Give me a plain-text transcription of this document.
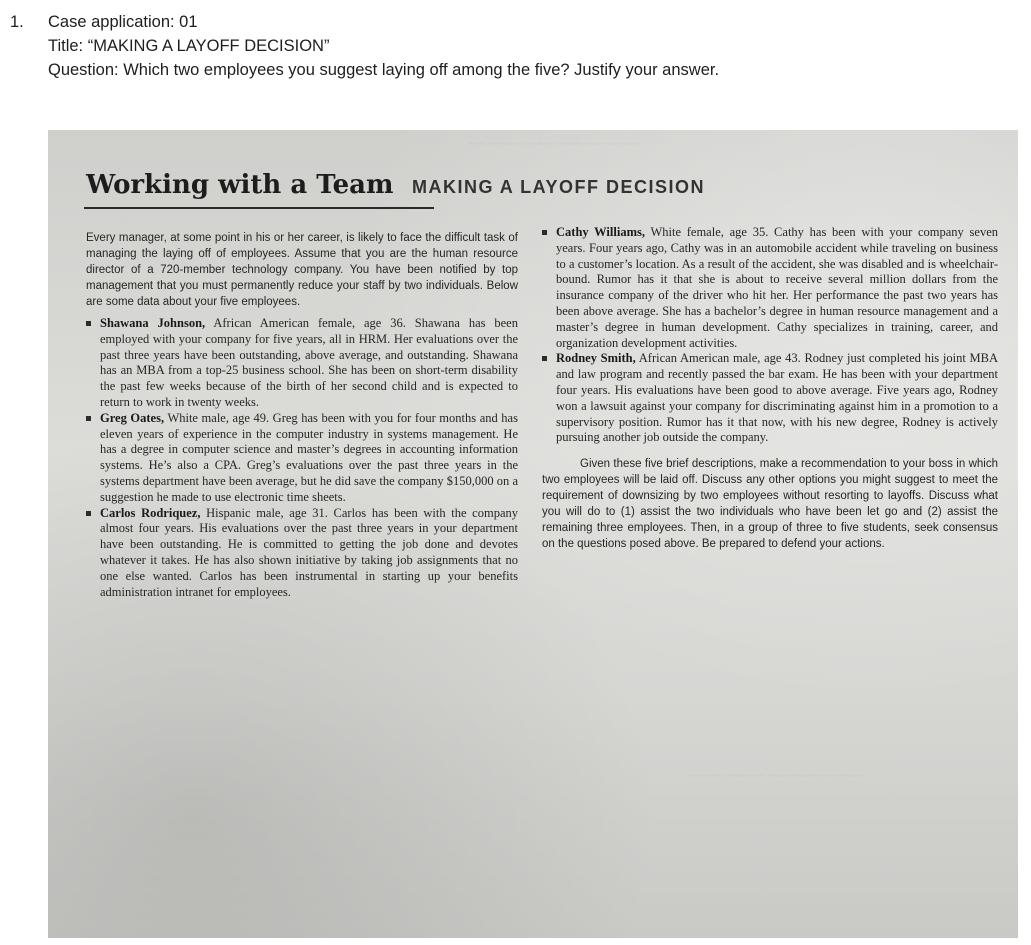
1. Case application: 01
Title: “MAKING A LAYOFF DECISION”
Question: Which two employees you suggest laying off among the five? Justify your answer.
~~~ ~~~~~~ ~~~~ ~~~~~~~~ ~~~~~~
~~~~~~ ~~~~ ~~ ~~~~~~~~ ~~~ ~~~~
Working with a Team MAKING A LAYOFF DECISION

Every manager, at some point in his or her career, is likely to face the difficult task of managing the laying off of employees. Assume that you are the human resource director of a 720-member technology company. You have been notified by top management that you must permanently reduce your staff by two individuals. Below are some data about your five employees.

Shawana Johnson, African American female, age 36. Shawana has been employed with your company for five years, all in HRM. Her evaluations over the past three years have been outstanding, above average, and outstanding. Shawana has an MBA from a top-25 business school. She has been on short-term disability the past few weeks because of the birth of her second child and is expected to return to work in twenty weeks.
Greg Oates, White male, age 49. Greg has been with you for four months and has eleven years of experience in the computer industry in systems management. He has a degree in computer science and master’s degrees in accounting information systems. He’s also a CPA. Greg’s evaluations over the past three years in the systems department have been average, but he did save the company $150,000 on a suggestion he made to use electronic time sheets.
Carlos Rodriquez, Hispanic male, age 31. Carlos has been with the company almost four years. His evaluations over the past three years in your department have been outstanding. He is committed to getting the job done and devotes whatever it takes. He has also shown initiative by taking job assignments that no one else wanted. Carlos has been instrumental in starting up your benefits administration intranet for employees.
Cathy Williams, White female, age 35. Cathy has been with your company seven years. Four years ago, Cathy was in an automobile accident while traveling on business to a customer’s location. As a result of the accident, she was disabled and is wheelchair-bound. Rumor has it that she is about to receive several million dollars from the insurance company of the driver who hit her. Her performance the past two years has been above average. She has a bachelor’s degree in human resource management and a master’s degree in human development. Cathy specializes in training, career, and organization development activities.
Rodney Smith, African American male, age 43. Rodney just completed his joint MBA and law program and recently passed the bar exam. He has been with your department four years. His evaluations have been good to above average. Five years ago, Rodney won a lawsuit against your company for discriminating against him in a promotion to a supervisory position. Rumor has it that now, with his new degree, Rodney is actively pursuing another job outside the company.

Given these five brief descriptions, make a recommendation to your boss in which two employees will be laid off. Discuss any other options you might suggest to meet the requirement of downsizing by two employees without resorting to layoffs. Discuss what you will do to (1) assist the two individuals who have been let go and (2) assist the remaining three employees. Then, in a group of three to five students, seek consensus on the questions posed above. Be prepared to defend your actions.
